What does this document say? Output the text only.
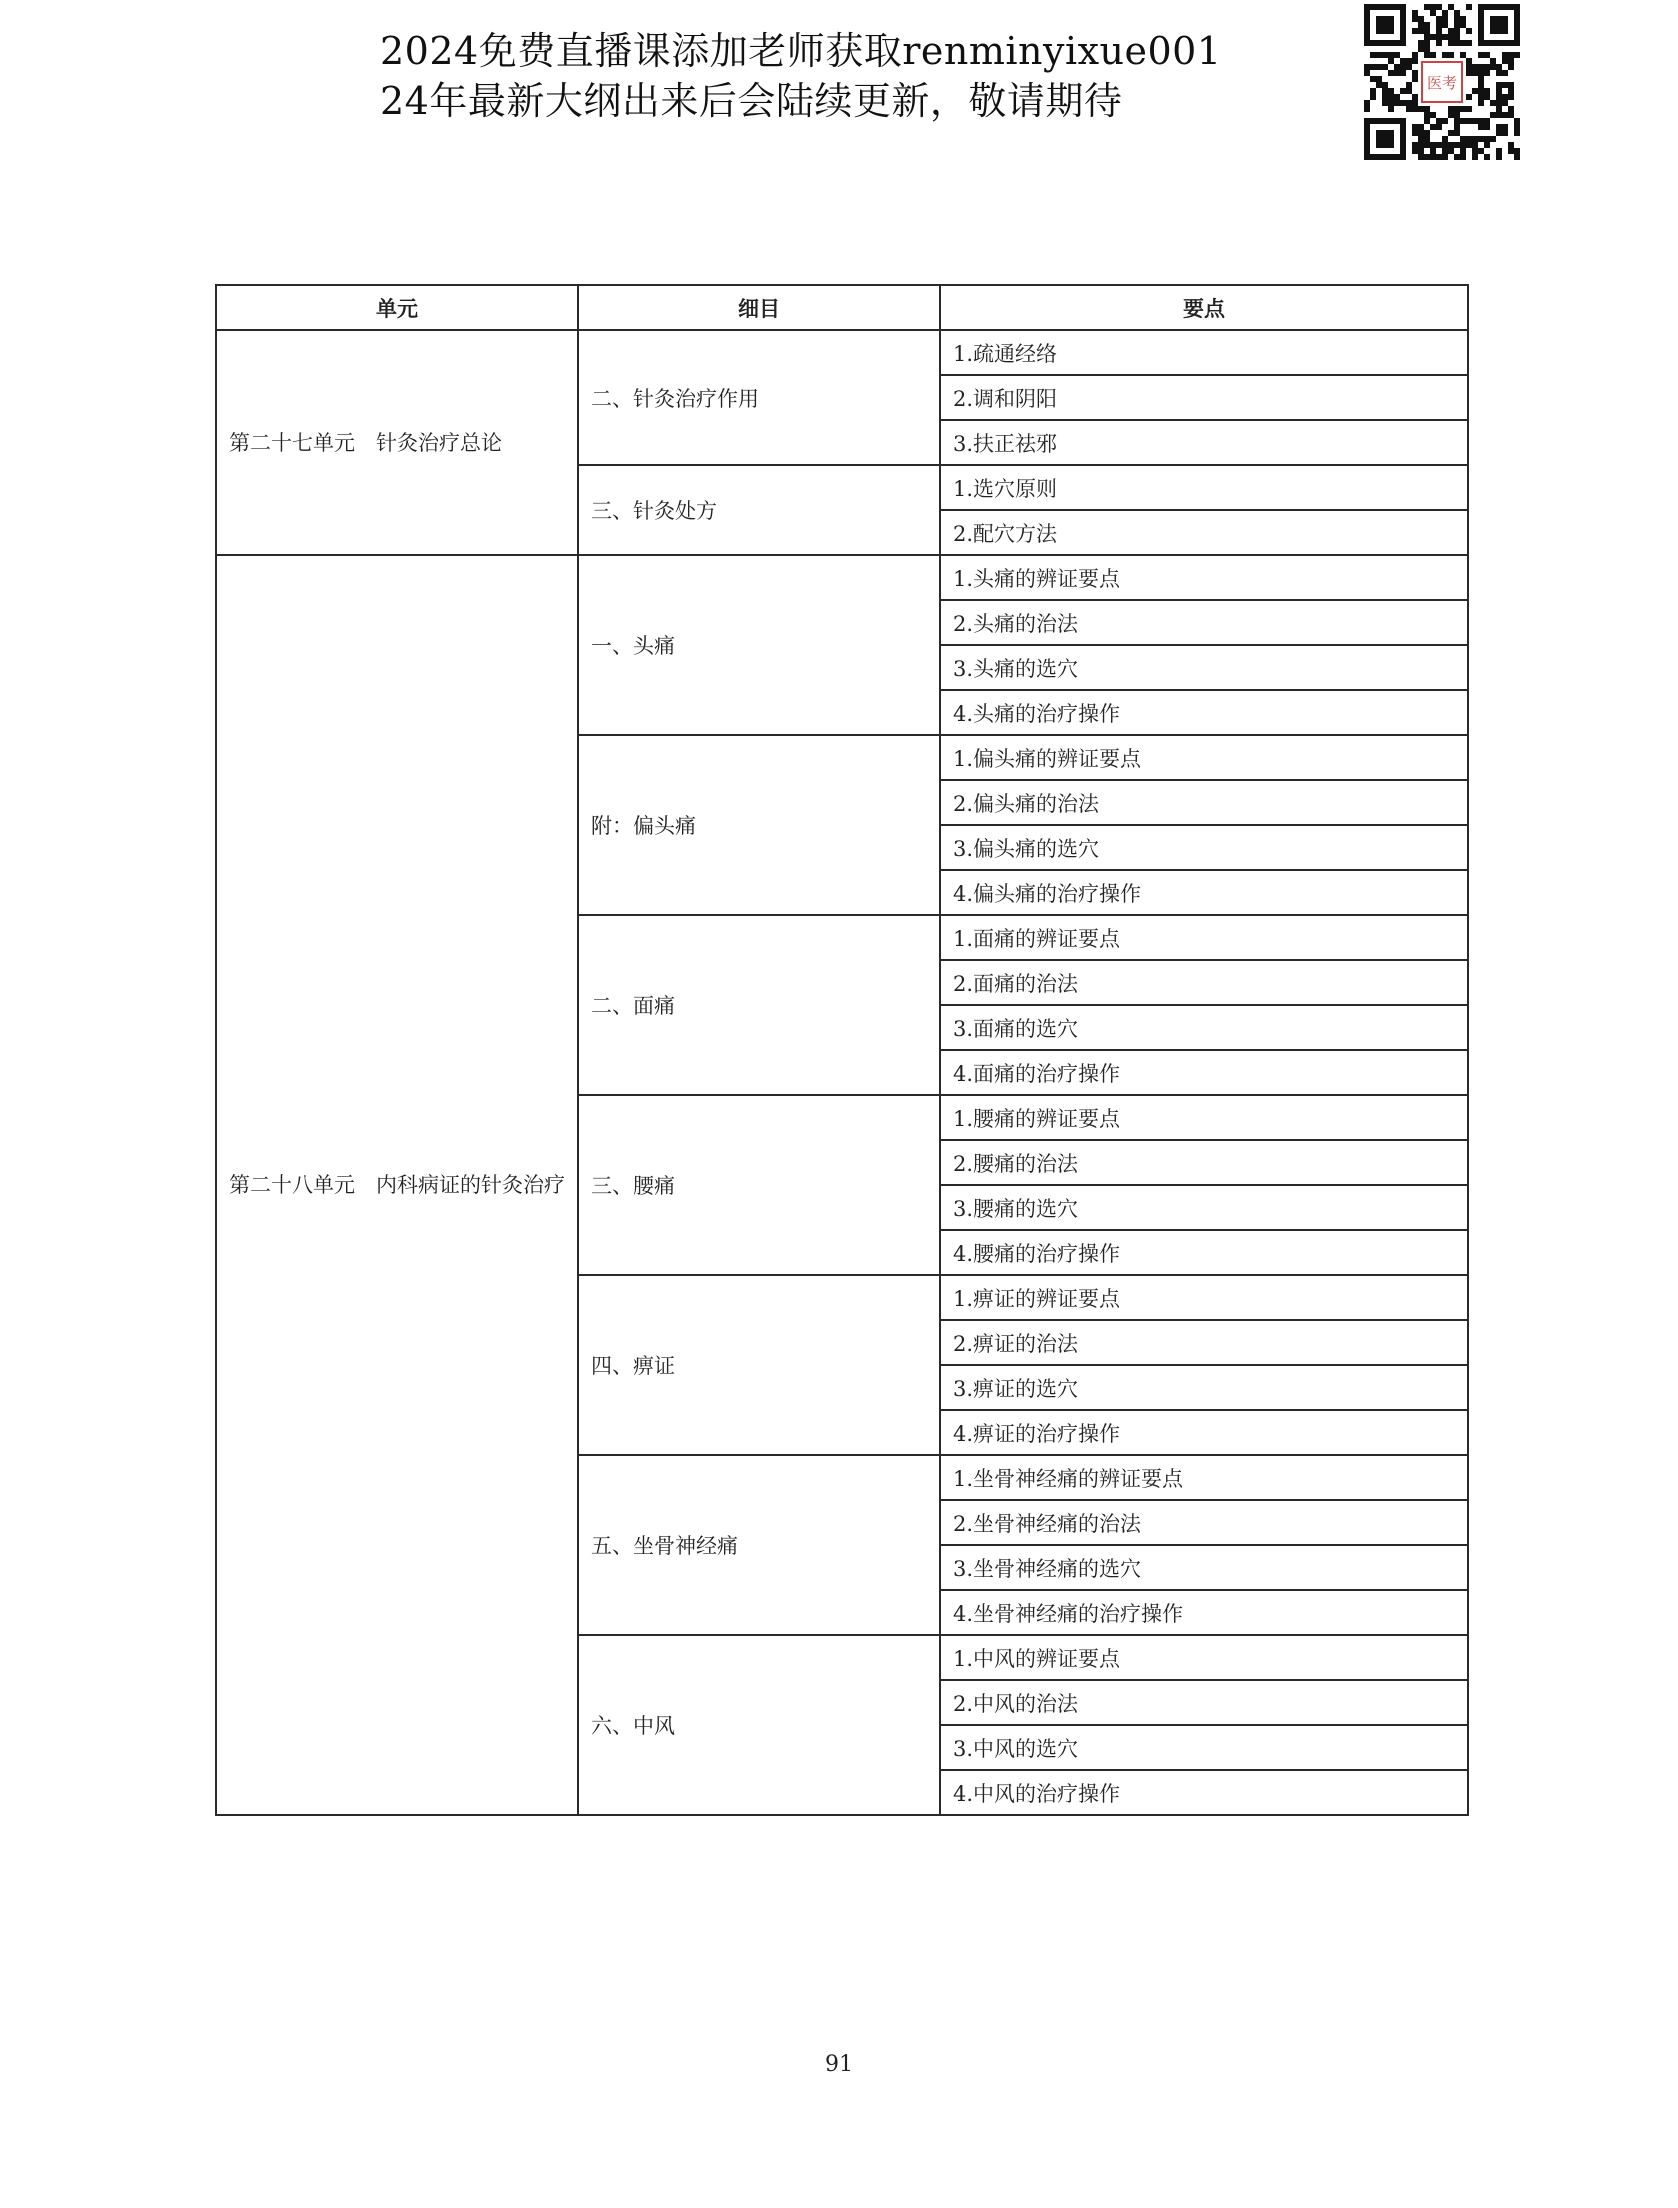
2024免费直播课添加老师获取renminyixue001
24年最新大纲出来后会陆续更新，敬请期待	医考
单元	细目	要点
第二十七单元　针灸治疗总论	二、针灸治疗作用	1.疏通经络
		2.调和阴阳
		3.扶正祛邪
	三、针灸处方	1.选穴原则
		2.配穴方法
第二十八单元　内科病证的针灸治疗	一、头痛	1.头痛的辨证要点
		2.头痛的治法
		3.头痛的选穴
		4.头痛的治疗操作
	附：偏头痛	1.偏头痛的辨证要点
		2.偏头痛的治法
		3.偏头痛的选穴
		4.偏头痛的治疗操作
	二、面痛	1.面痛的辨证要点
		2.面痛的治法
		3.面痛的选穴
		4.面痛的治疗操作
	三、腰痛	1.腰痛的辨证要点
		2.腰痛的治法
		3.腰痛的选穴
		4.腰痛的治疗操作
	四、痹证	1.痹证的辨证要点
		2.痹证的治法
		3.痹证的选穴
		4.痹证的治疗操作
	五、坐骨神经痛	1.坐骨神经痛的辨证要点
		2.坐骨神经痛的治法
		3.坐骨神经痛的选穴
		4.坐骨神经痛的治疗操作
	六、中风	1.中风的辨证要点
		2.中风的治法
		3.中风的选穴
		4.中风的治疗操作
91
